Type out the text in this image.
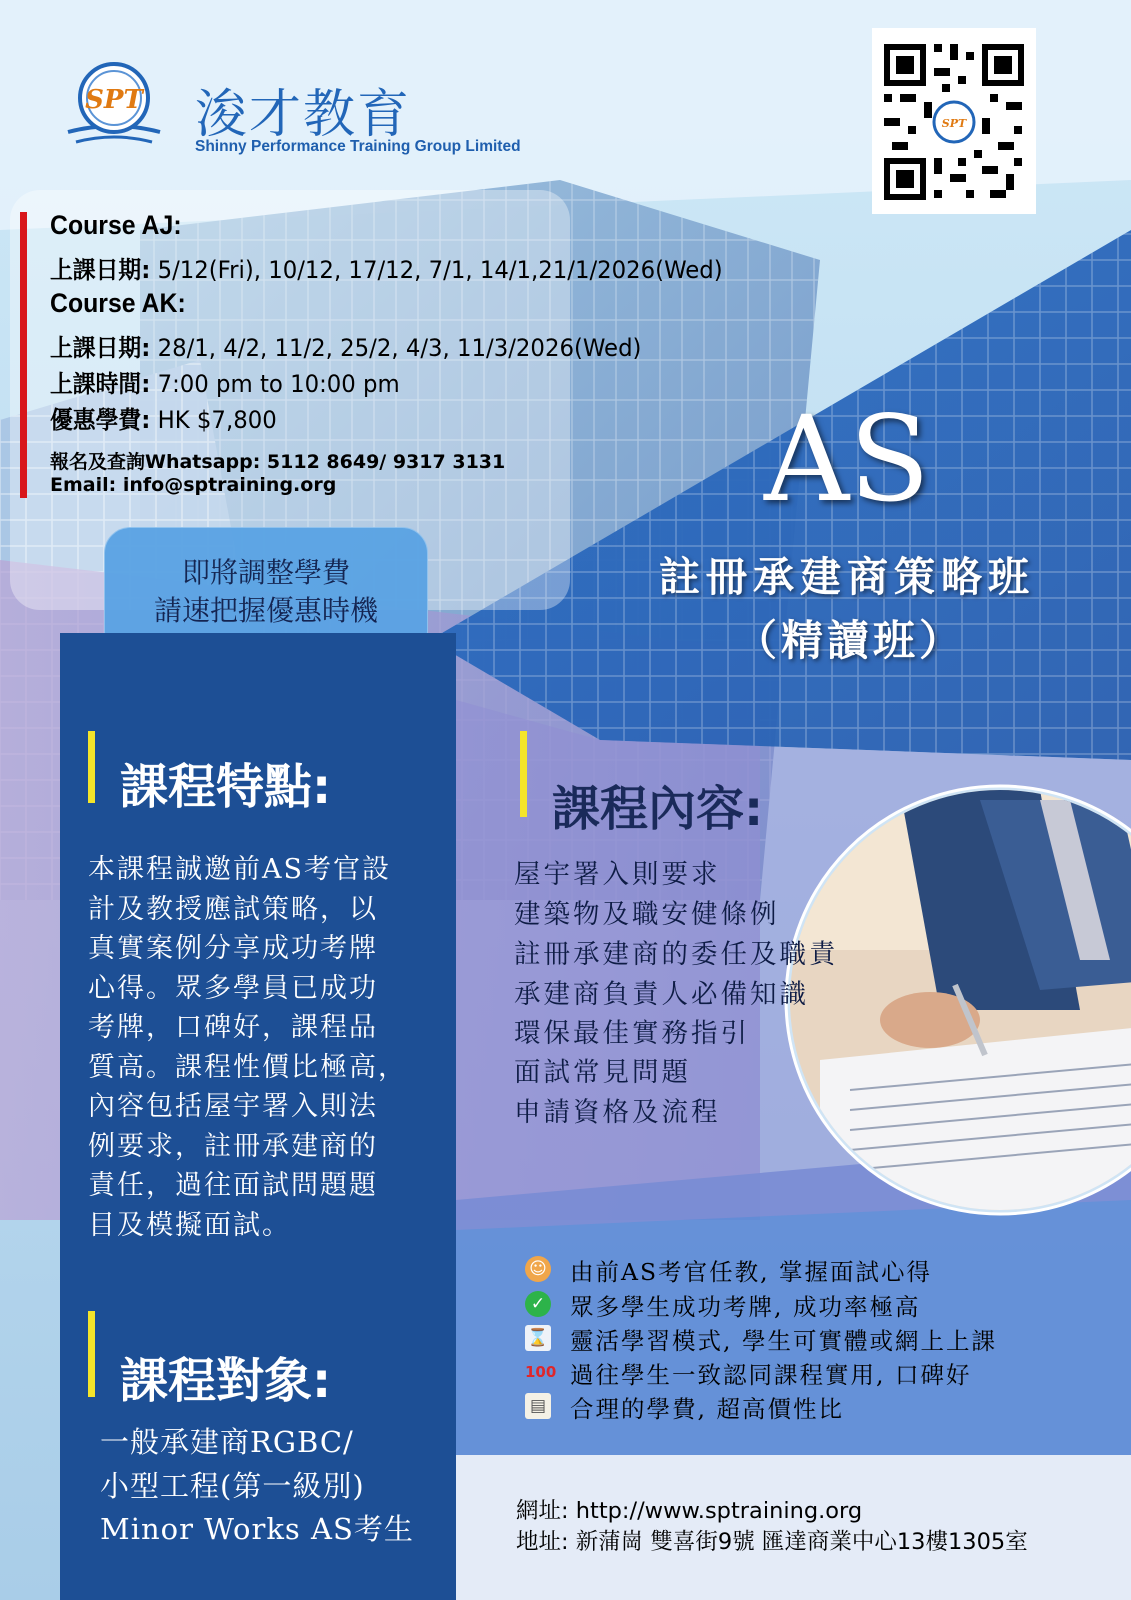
SPT 浚才教育
Shinny Performance Training Group Limited
SPT
Course AJ:
上課日期: 5/12(Fri), 10/12, 17/12, 7/1, 14/1,21/1/2026(Wed)
Course AK:
上課日期: 28/1, 4/2, 11/2, 25/2, 4/3, 11/3/2026(Wed)
上課時間: 7:00 pm to 10:00 pm
優惠學費: HK $7,800
報名及查詢Whatsapp: 5112 8649/ 9317 3131
Email: info@sptraining.org
即將調整學費
請速把握優惠時機
AS
註冊承建商策略班
（精讀班）
課程特點:
本課程誠邀前AS考官設
計及教授應試策略，以
真實案例分享成功考牌
心得。眾多學員已成功
考牌，口碑好，課程品
質高。課程性價比極高，
內容包括屋宇署入則法
例要求，註冊承建商的
責任，過往面試問題題
目及模擬面試。
課程對象:
一般承建商RGBC/
小型工程(第一級別)
Minor Works AS考生
課程內容:
屋宇署入則要求
建築物及職安健條例
註冊承建商的委任及職責
承建商負責人必備知識
環保最佳實務指引
面試常見問題
申請資格及流程
☺ 由前AS考官任教, 掌握面試心得
✓ 眾多學生成功考牌, 成功率極高
⌛ 靈活學習模式, 學生可實體或網上上課
100 過往學生一致認同課程實用, 口碑好
▤ 合理的學費, 超高價性比
網址: http://www.sptraining.org
地址: 新蒲崗 雙喜街9號 匯達商業中心13樓1305室
